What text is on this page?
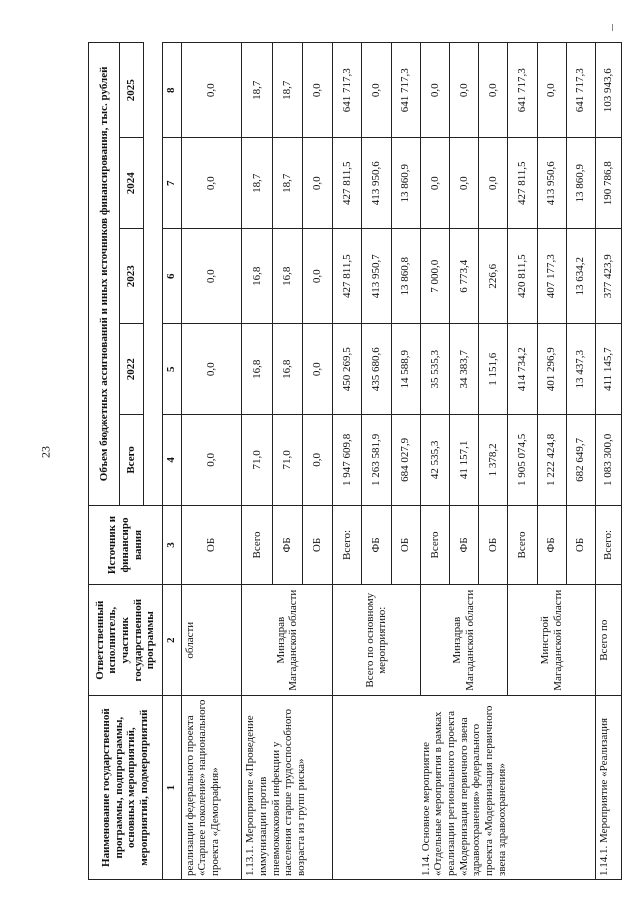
23
Наименование государственной программы, подпрограммы, основных мероприятий, мероприятий, подмероприятий	Ответственный исполнитель, участник государственной программы	Источник и финансиро вания	Объем бюджетных ассигнований и иных источников финансирования, тыс. рублей				
			Всего	2022	2023	2024	2025

1	2	3	4	5	6	7	8
реализации федерального проекта «Старшее поколение» национального проекта «Демография»	области	ОБ	0,0	0,0	0,0	0,0	0,0
1.13.1. Мероприятие «Проведение иммунизации против пневмококковой инфекции у населения старше трудоспособного возраста из групп риска»	Минздрав Магаданской области	Всего	71,0	16,8	16,8	18,7	18,7
		ФБ	71,0	16,8	16,8	18,7	18,7
		ОБ	0,0	0,0	0,0	0,0	0,0
1.14. Основное мероприятие «Отдельные мероприятия в рамках реализации регионального проекта «Модернизация первичного звена здравоохранения» федерального проекта «Модернизация первичного звена здравоохранения»	Всего по основному мероприятию:	Всего:	1 947 609,8	450 269,5	427 811,5	427 811,5	641 717,3
		ФБ	1 263 581,9	435 680,6	413 950,7	413 950,6	0,0
		ОБ	684 027,9	14 588,9	13 860,8	13 860,9	641 717,3
	Минздрав Магаданской области	Всего	42 535,3	35 535,3	7 000,0	0,0	0,0
		ФБ	41 157,1	34 383,7	6 773,4	0,0	0,0
		ОБ	1 378,2	1 151,6	226,6	0,0	0,0
	Минстрой Магаданской области	Всего	1 905 074,5	414 734,2	420 811,5	427 811,5	641 717,3
		ФБ	1 222 424,8	401 296,9	407 177,3	413 950,6	0,0
		ОБ	682 649,7	13 437,3	13 634,2	13 860,9	641 717,3
1.14.1. Мероприятие «Реализация	Всего по	Всего:	1 083 300,0	411 145,7	377 423,9	190 786,8	103 943,6
